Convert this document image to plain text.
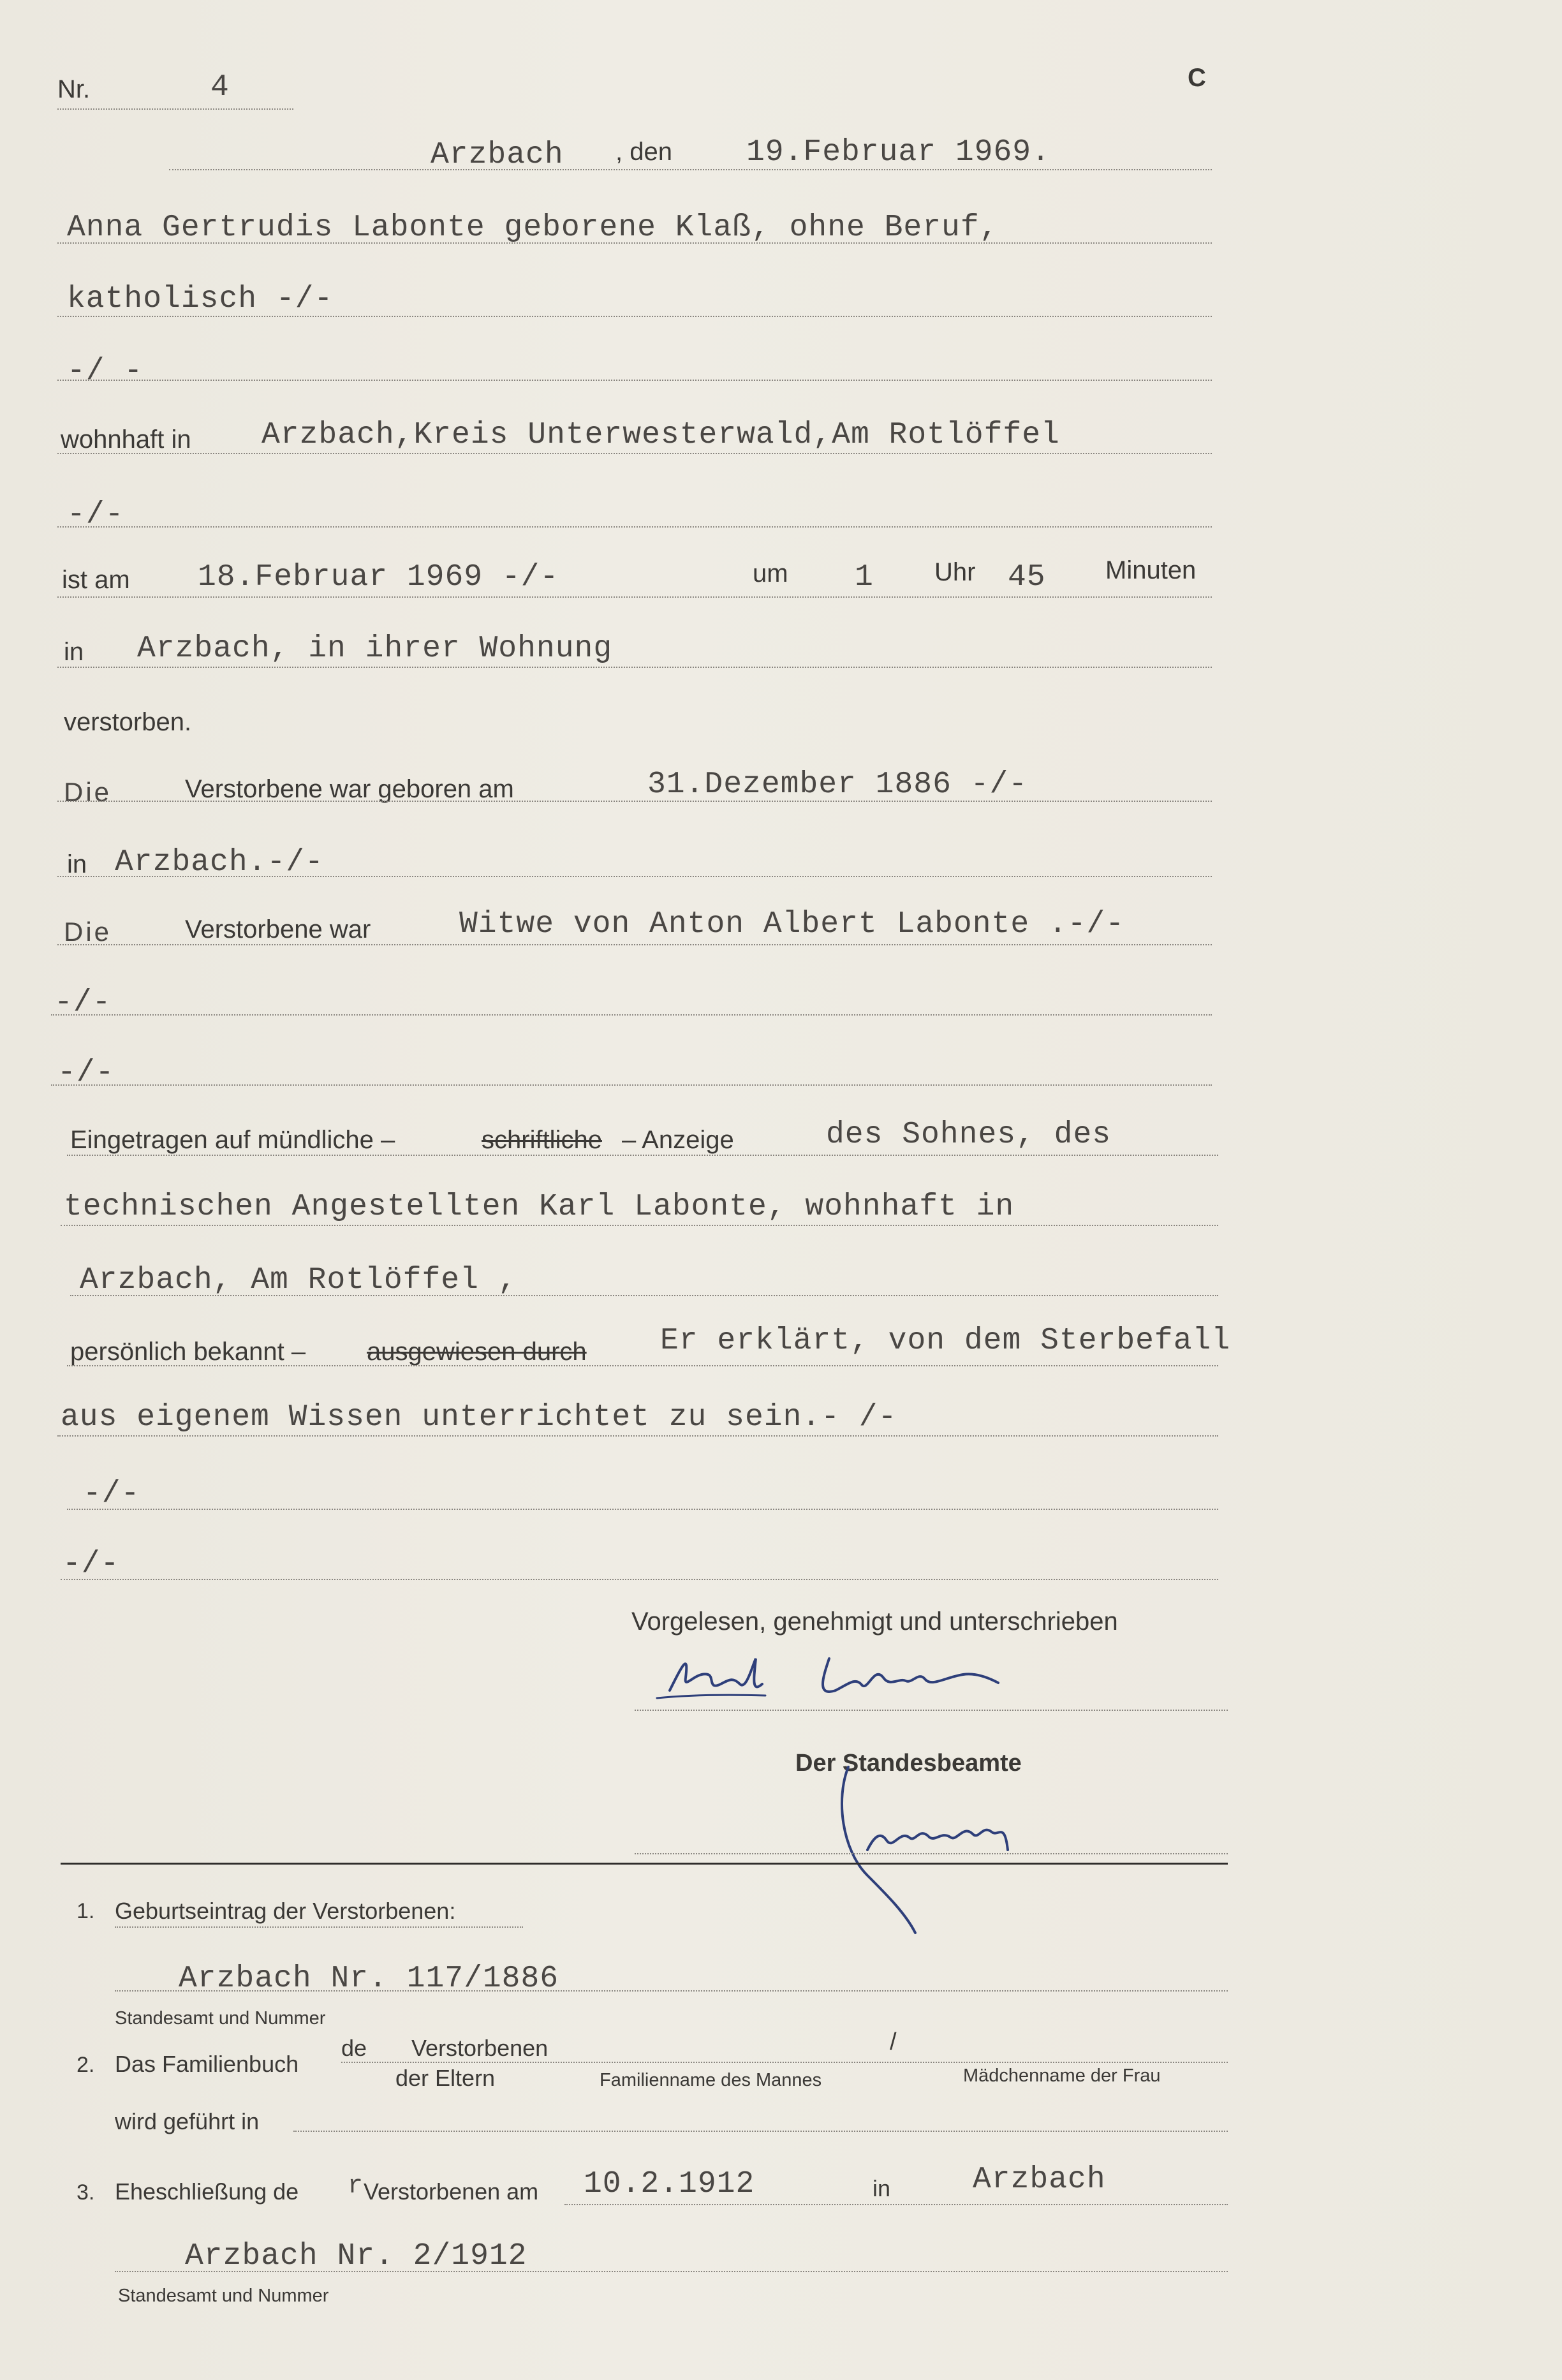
Nr.	4	C
Arzbach , den 19.Februar 1969.
Anna Gertrudis Labonte geborene Klaß, ohne Beruf,
katholisch -/-
-/ -
wohnhaft in Arzbach,Kreis Unterwesterwald,Am Rotlöffel
-/-
ist am 18.Februar 1969 -/-	um 1 Uhr 45 Minuten
in Arzbach, in ihrer Wohnung
verstorben.
Die	Verstorbene war geboren am	31.Dezember 1886 -/-
in Arzbach.-/-
Die	Verstorbene war	Witwe von Anton Albert Labonte .-/-
-/-
-/-
Eingetragen auf mündliche –	schriftliche – Anzeige	des Sohnes, des
technischen Angestellten Karl Labonte, wohnhaft in
Arzbach, Am Rotlöffel ,
persönlich bekannt – ausgewiesen durch Er erklärt, von dem Sterbefall
aus eigenem Wissen unterrichtet zu sein.- /-
-/-
-/-
Vorgelesen, genehmigt und unterschrieben
Der Standesbeamte
1. Geburtseintrag der Verstorbenen:
Arzbach Nr. 117/1886
Standesamt und Nummer
2. Das Familienbuch
de Verstorbenen
der Eltern
/
Familienname des Mannes	Mädchenname der Frau
wird geführt in
3. Eheschließung de r Verstorbenen am 10.2.1912	in	Arzbach
Arzbach Nr. 2/1912
Standesamt und Nummer
